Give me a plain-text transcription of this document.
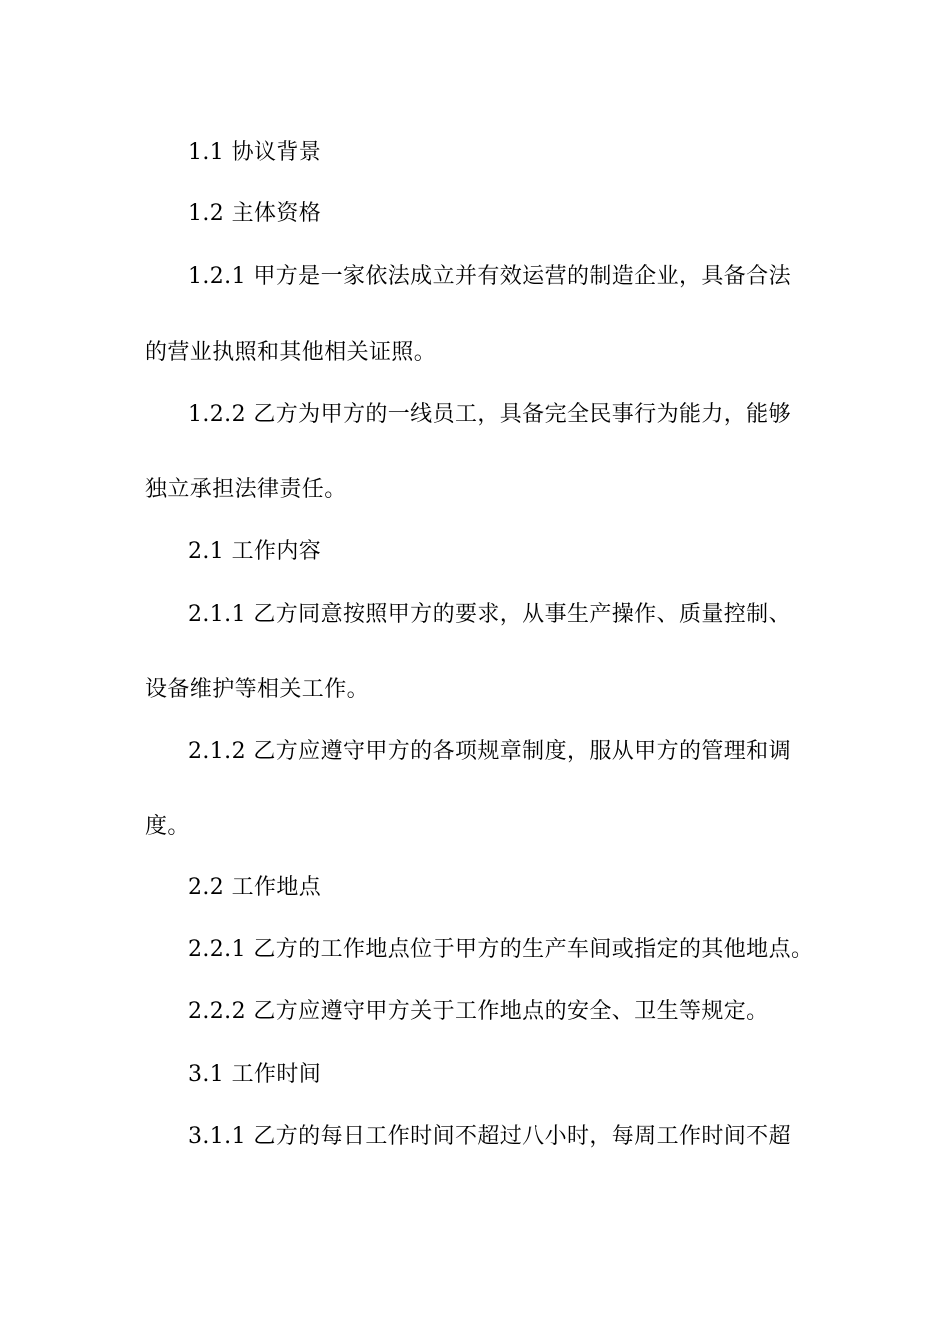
1.1 协议背景
1.2 主体资格
1.2.1 甲方是一家依法成立并有效运营的制造企业，具备合法
的营业执照和其他相关证照。
1.2.2 乙方为甲方的一线员工，具备完全民事行为能力，能够
独立承担法律责任。
2.1 工作内容
2.1.1 乙方同意按照甲方的要求，从事生产操作、质量控制、
设备维护等相关工作。
2.1.2 乙方应遵守甲方的各项规章制度，服从甲方的管理和调
度。
2.2 工作地点
2.2.1 乙方的工作地点位于甲方的生产车间或指定的其他地点。
2.2.2 乙方应遵守甲方关于工作地点的安全、卫生等规定。
3.1 工作时间
3.1.1 乙方的每日工作时间不超过八小时，每周工作时间不超
